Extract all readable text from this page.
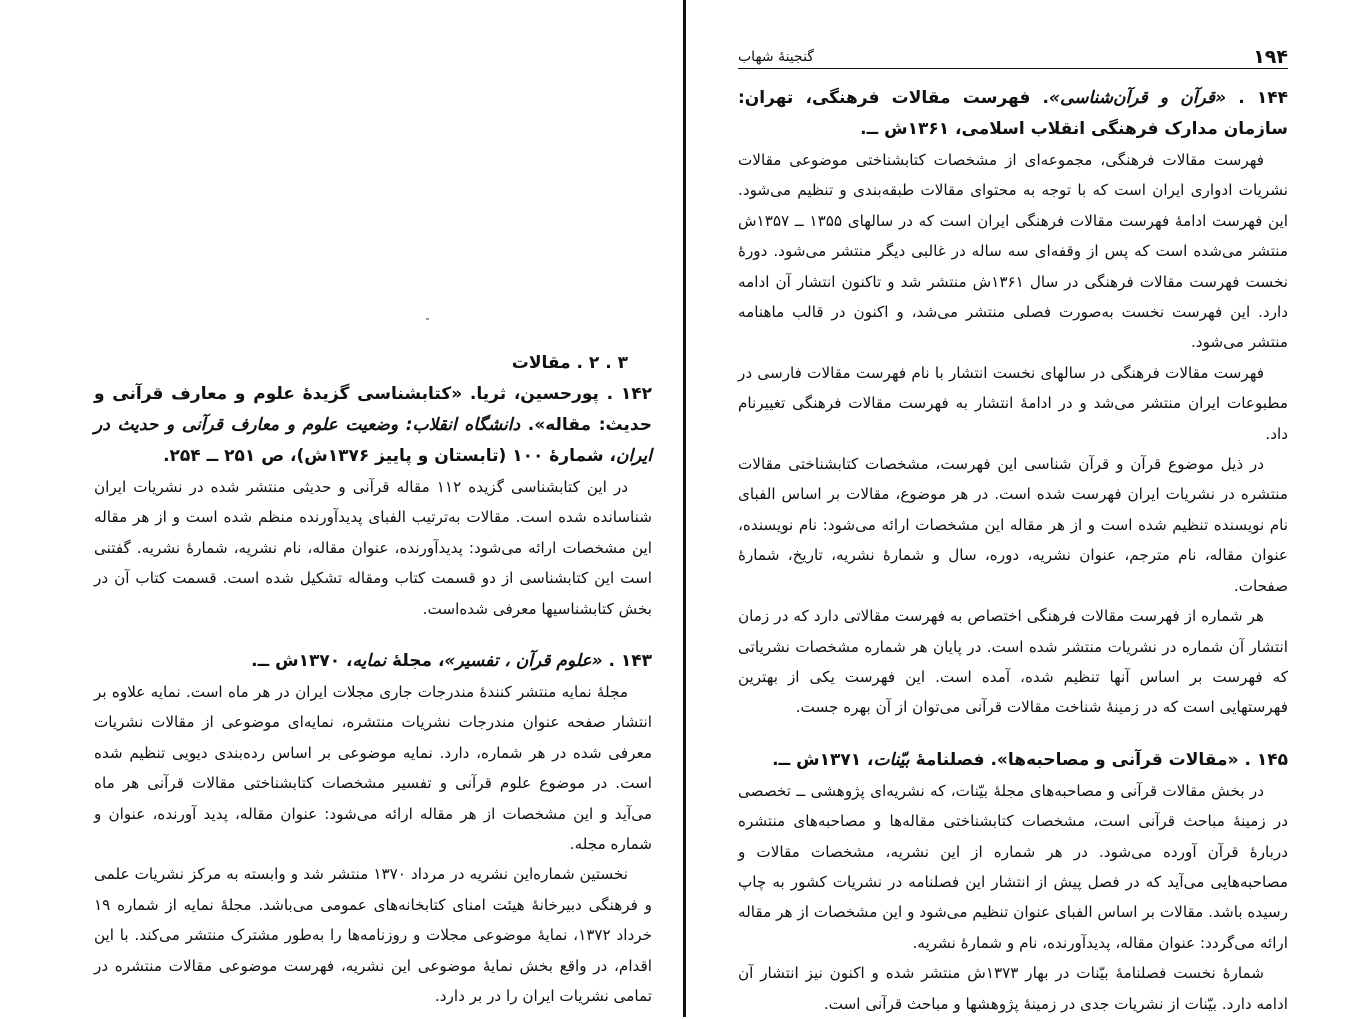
۱۹۴
گنجینهٔ شهاب

۱۴۴ . «قرآن و قرآن‌شناسی». فهرست مقالات فرهنگی، تهران: سازمان مدارک فرهنگی انقلاب اسلامی، ۱۳۶۱ش ــ.

فهرست مقالات فرهنگی، مجموعه‌ای از مشخصات کتابشناختی موضوعی مقالات نشریات ادواری ایران است که با توجه به محتوای مقالات طبقه‌بندی و تنظیم می‌شود. این فهرست ادامهٔ فهرست مقالات فرهنگی ایران است که در سالهای ۱۳۵۵ ــ ۱۳۵۷ش منتشر می‌شده است که پس از وقفه‌ای سه ساله در غالبی دیگر منتشر می‌شود. دورهٔ نخست فهرست مقالات فرهنگی در سال ۱۳۶۱ش منتشر شد و تاکنون انتشار آن ادامه دارد. این فهرست نخست به‌صورت فصلی منتشر می‌شد، و اکنون در قالب ماهنامه منتشر می‌شود.

فهرست مقالات فرهنگی در سالهای نخست انتشار با نام فهرست مقالات فارسی در مطبوعات ایران منتشر می‌شد و در ادامهٔ انتشار به فهرست مقالات فرهنگی تغییرنام داد.

در ذیل موضوع قرآن و قرآن شناسی این فهرست، مشخصات کتابشناختی مقالات منتشره در نشریات ایران فهرست شده است. در هر موضوع، مقالات بر اساس الفبای نام نویسنده تنظیم شده است و از هر مقاله این مشخصات ارائه می‌شود: نام نویسنده، عنوان مقاله، نام مترجم، عنوان نشریه، دوره، سال و شمارهٔ نشریه، تاریخ، شمارهٔ صفحات.

هر شماره از فهرست مقالات فرهنگی اختصاص به فهرست مقالاتی دارد که در زمان انتشار آن شماره در نشریات منتشر شده است. در پایان هر شماره مشخصات نشریاتی که فهرست بر اساس آنها تنظیم شده، آمده است. این فهرست یکی از بهترین فهرستهایی است که در زمینهٔ شناخت مقالات قرآنی می‌توان از آن بهره جست.

۱۴۵ . «مقالات قرآنی و مصاحبه‌ها». فصلنامهٔ بیّنات، ۱۳۷۱ش ــ.

در بخش مقالات قرآنی و مصاحبه‌های مجلهٔ بیّنات، که نشریه‌ای پژوهشی ــ تخصصی در زمینهٔ مباحث قرآنی است، مشخصات کتابشناختی مقاله‌ها و مصاحبه‌های منتشره دربارهٔ قرآن آورده می‌شود. در هر شماره از این نشریه، مشخصات مقالات و مصاحبه‌هایی می‌آید که در فصل پیش از انتشار این فصلنامه در نشریات کشور به چاپ رسیده باشد. مقالات بر اساس الفبای عنوان تنظیم می‌شود و این مشخصات از هر مقاله ارائه می‌گردد: عنوان مقاله، پدیدآورنده، نام و شمارهٔ نشریه.

شمارهٔ نخست فصلنامهٔ بیّنات در بهار ۱۳۷۳ش منتشر شده و اکنون نیز انتشار آن ادامه دارد. بیّنات از نشریات جدی در زمینهٔ پژوهشها و مباحث قرآنی است.

۳ . ۲ . مقالات

۱۴۲ . پورحسین، ثریا. «کتابشناسی گزیدهٔ علوم و معارف قرآنی و حدیث: مقاله». دانشگاه انقلاب: وضعیت علوم و معارف قرآنی و حدیث در ایران، شمارهٔ ۱۰۰ (تابستان و پاییز ۱۳۷۶ش)، ص ۲۵۱ ــ ۲۵۴.

در این کتابشناسی گزیده ۱۱۲ مقاله قرآنی و حدیثی منتشر شده در نشریات ایران شناسانده شده است. مقالات به‌ترتیب الفبای پدیدآورنده منظم شده است و از هر مقاله این مشخصات ارائه می‌شود: پدیدآورنده، عنوان مقاله، نام نشریه، شمارهٔ نشریه. گفتنی است این کتابشناسی از دو قسمت کتاب ومقاله تشکیل شده است. قسمت کتاب آن در بخش کتابشناسیها معرفی شده‌است.

۱۴۳ . «علوم قرآن ، تفسیر»، مجلهٔ نمایه، ۱۳۷۰ش ــ.

مجلهٔ نمایه منتشر کنندهٔ مندرجات جاری مجلات ایران در هر ماه است. نمایه علاوه بر انتشار صفحه عنوان مندرجات نشریات منتشره، نمایه‌ای موضوعی از مقالات نشریات معرفی شده در هر شماره، دارد. نمایه موضوعی بر اساس رده‌بندی دیویی تنظیم شده است. در موضوع علوم قرآنی و تفسیر مشخصات کتابشناختی مقالات قرآنی هر ماه می‌آید و این مشخصات از هر مقاله ارائه می‌شود: عنوان مقاله، پدید آورنده، عنوان و شماره مجله.

نخستین شماره‌این نشریه در مرداد ۱۳۷۰ منتشر شد و وابسته به مرکز نشریات علمی و فرهنگی دبیرخانهٔ هیئت امنای کتابخانه‌های عمومی می‌باشد. مجلهٔ نمایه از شماره ۱۹ خرداد ۱۳۷۲، نمایهٔ موضوعی مجلات و روزنامه‌ها را به‌طور مشترک منتشر می‌کند. با این اقدام، در واقع بخش نمایهٔ موضوعی این نشریه، فهرست موضوعی مقالات منتشره در تمامی نشریات ایران را در بر دارد.
